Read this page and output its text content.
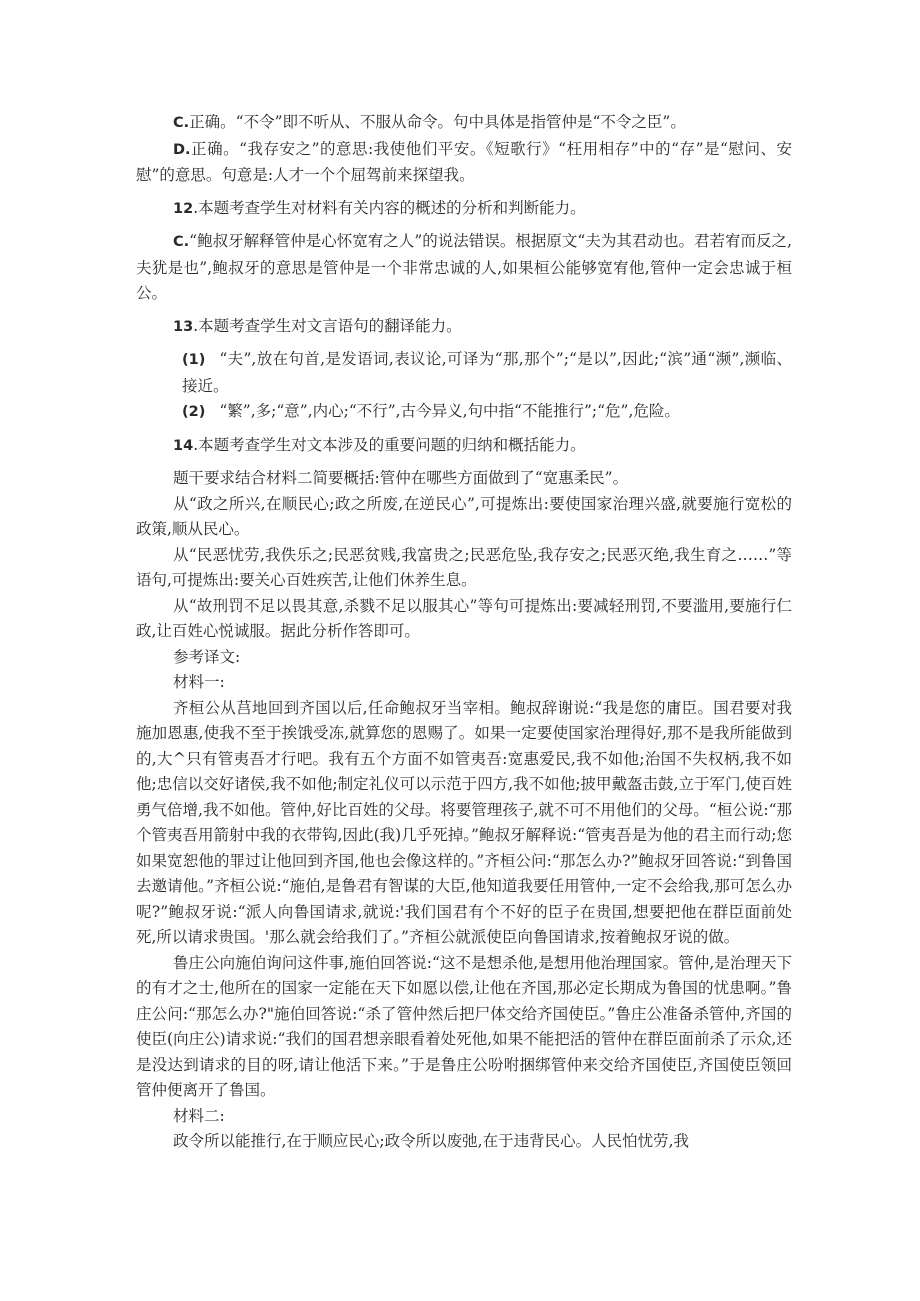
C.正确。“不令”即不听从、不服从命令。句中具体是指管仲是“不令之臣”。

D.正确。“我存安之”的意思:我使他们平安。《短歌行》“枉用相存”中的“存”是“慰问、安慰”的意思。句意是:人才一个个屈驾前来探望我。

12.本题考查学生对材料有关内容的概述的分析和判断能力。

C.“鲍叔牙解释管仲是心怀宽宥之人”的说法错误。根据原文“夫为其君动也。君若宥而反之,夫犹是也”,鲍叔牙的意思是管仲是一个非常忠诚的人,如果桓公能够宽宥他,管仲一定会忠诚于桓公。

13.本题考查学生对文言语句的翻译能力。

(1) “夫”,放在句首,是发语词,表议论,可译为“那,那个”;“是以”,因此;“滨”通“濒”,濒临、接近。

(2) “繁”,多;“意”,内心;“不行”,古今异义,句中指“不能推行”;“危”,危险。

14.本题考查学生对文本涉及的重要问题的归纳和概括能力。

题干要求结合材料二简要概括:管仲在哪些方面做到了“宽惠柔民”。

从“政之所兴,在顺民心;政之所废,在逆民心”,可提炼出:要使国家治理兴盛,就要施行宽松的政策,顺从民心。

从“民恶忧劳,我佚乐之;民恶贫贱,我富贵之;民恶危坠,我存安之;民恶灭绝,我生育之……”等语句,可提炼出:要关心百姓疾苦,让他们休养生息。

从“故刑罚不足以畏其意,杀戮不足以服其心”等句可提炼出:要减轻刑罚,不要滥用,要施行仁政,让百姓心悦诚服。据此分析作答即可。

参考译文:

材料一:

齐桓公从莒地回到齐国以后,任命鲍叔牙当宰相。鲍叔辞谢说:“我是您的庸臣。国君要对我施加恩惠,使我不至于挨饿受冻,就算您的恩赐了。如果一定要使国家治理得好,那不是我所能做到的,大^只有管夷吾才行吧。我有五个方面不如管夷吾:宽惠爱民,我不如他;治国不失权柄,我不如他;忠信以交好诸侯,我不如他;制定礼仪可以示范于四方,我不如他;披甲戴盔击鼓,立于军门,使百姓勇气倍增,我不如他。管仲,好比百姓的父母。将要管理孩子,就不可不用他们的父母。“桓公说:“那个管夷吾用箭射中我的衣带钩,因此(我)几乎死掉。”鲍叔牙解释说:“管夷吾是为他的君主而行动;您如果宽恕他的罪过让他回到齐国,他也会像这样的。”齐桓公问:“那怎么办?”鲍叔牙回答说:“到鲁国去邀请他。”齐桓公说:“施伯,是鲁君有智谋的大臣,他知道我要任用管仲,一定不会给我,那可怎么办呢?”鲍叔牙说:“派人向鲁国请求,就说:'我们国君有个不好的臣子在贵国,想要把他在群臣面前处死,所以请求贵国。'那么就会给我们了。”齐桓公就派使臣向鲁国请求,按着鲍叔牙说的做。

鲁庄公向施伯询问这件事,施伯回答说:“这不是想杀他,是想用他治理国家。管仲,是治理天下的有才之士,他所在的国家一定能在天下如愿以偿,让他在齐国,那必定长期成为鲁国的忧患啊。”鲁庄公问:“那怎么办?"施伯回答说:“杀了管仲然后把尸体交给齐国使臣。”鲁庄公准备杀管仲,齐国的使臣(向庄公)请求说:“我们的国君想亲眼看着处死他,如果不能把活的管仲在群臣面前杀了示众,还是没达到请求的目的呀,请让他活下来。”于是鲁庄公吩咐捆绑管仲来交给齐国使臣,齐国使臣领回管仲便离开了鲁国。

材料二:

政令所以能推行,在于顺应民心;政令所以废弛,在于违背民心。人民怕忧劳,我
